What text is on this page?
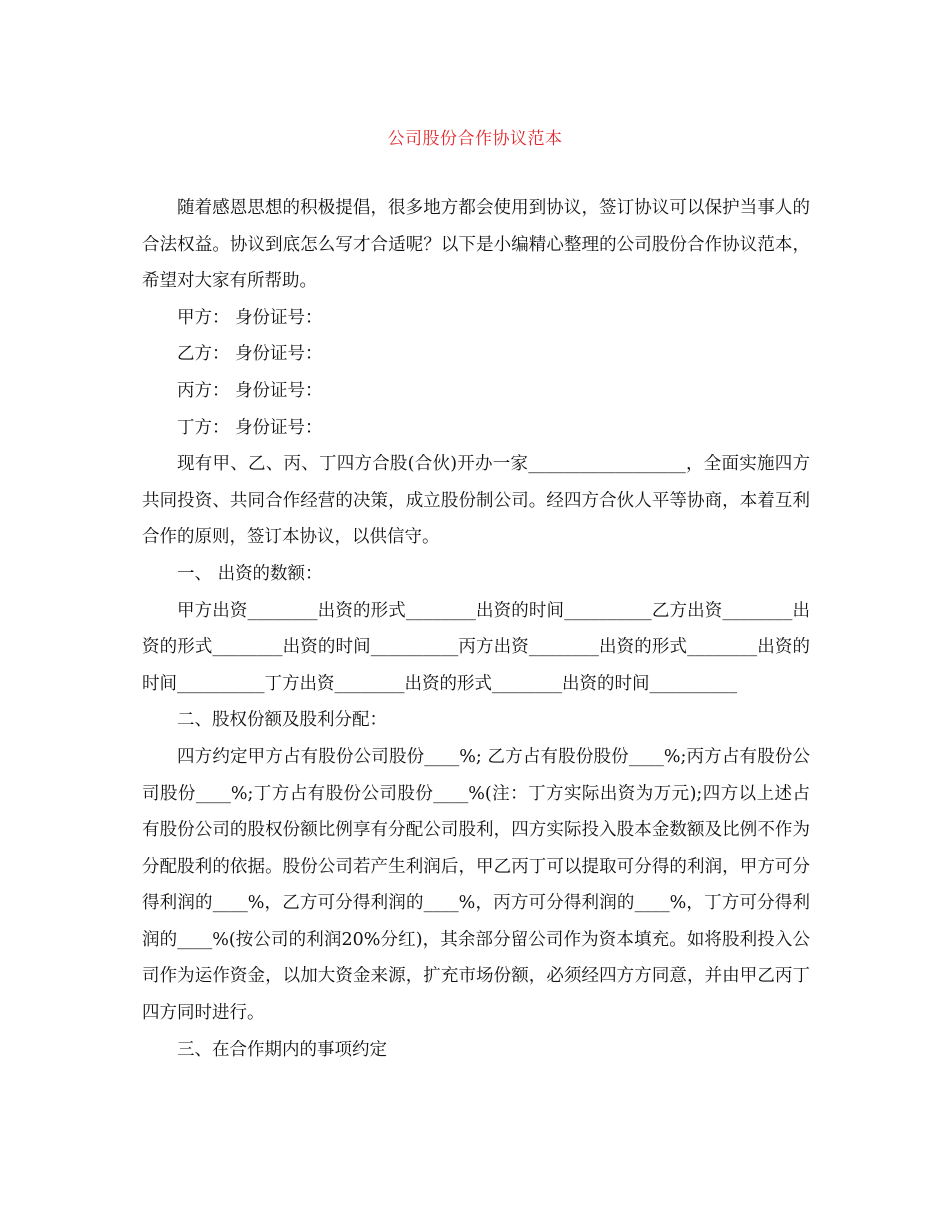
公司股份合作协议范本

随着感恩思想的积极提倡，很多地方都会使用到协议，签订协议可以保护当事人的合法权益。协议到底怎么写才合适呢？以下是小编精心整理的公司股份合作协议范本，希望对大家有所帮助。

甲方： 身份证号：

乙方： 身份证号：

丙方： 身份证号：

丁方： 身份证号：

现有甲、乙、丙、丁四方合股(合伙)开办一家__________________，全面实施四方共同投资、共同合作经营的决策，成立股份制公司。经四方合伙人平等协商，本着互利合作的原则，签订本协议，以供信守。

一、 出资的数额：

甲方出资________出资的形式________出资的时间__________乙方出资________出资的形式________出资的时间__________丙方出资________出资的形式________出资的时间__________丁方出资________出资的形式________出资的时间__________

二、股权份额及股利分配：

四方约定甲方占有股份公司股份____%; 乙方占有股份股份____%;丙方占有股份公司股份____%;丁方占有股份公司股份____%(注：丁方实际出资为万元);四方以上述占有股份公司的股权份额比例享有分配公司股利，四方实际投入股本金数额及比例不作为分配股利的依据。股份公司若产生利润后，甲乙丙丁可以提取可分得的利润，甲方可分得利润的____%，乙方可分得利润的____%，丙方可分得利润的____%，丁方可分得利润的____%(按公司的利润20%分红)，其余部分留公司作为资本填充。如将股利投入公司作为运作资金，以加大资金来源，扩充市场份额，必须经四方方同意，并由甲乙丙丁四方同时进行。

三、在合作期内的事项约定
